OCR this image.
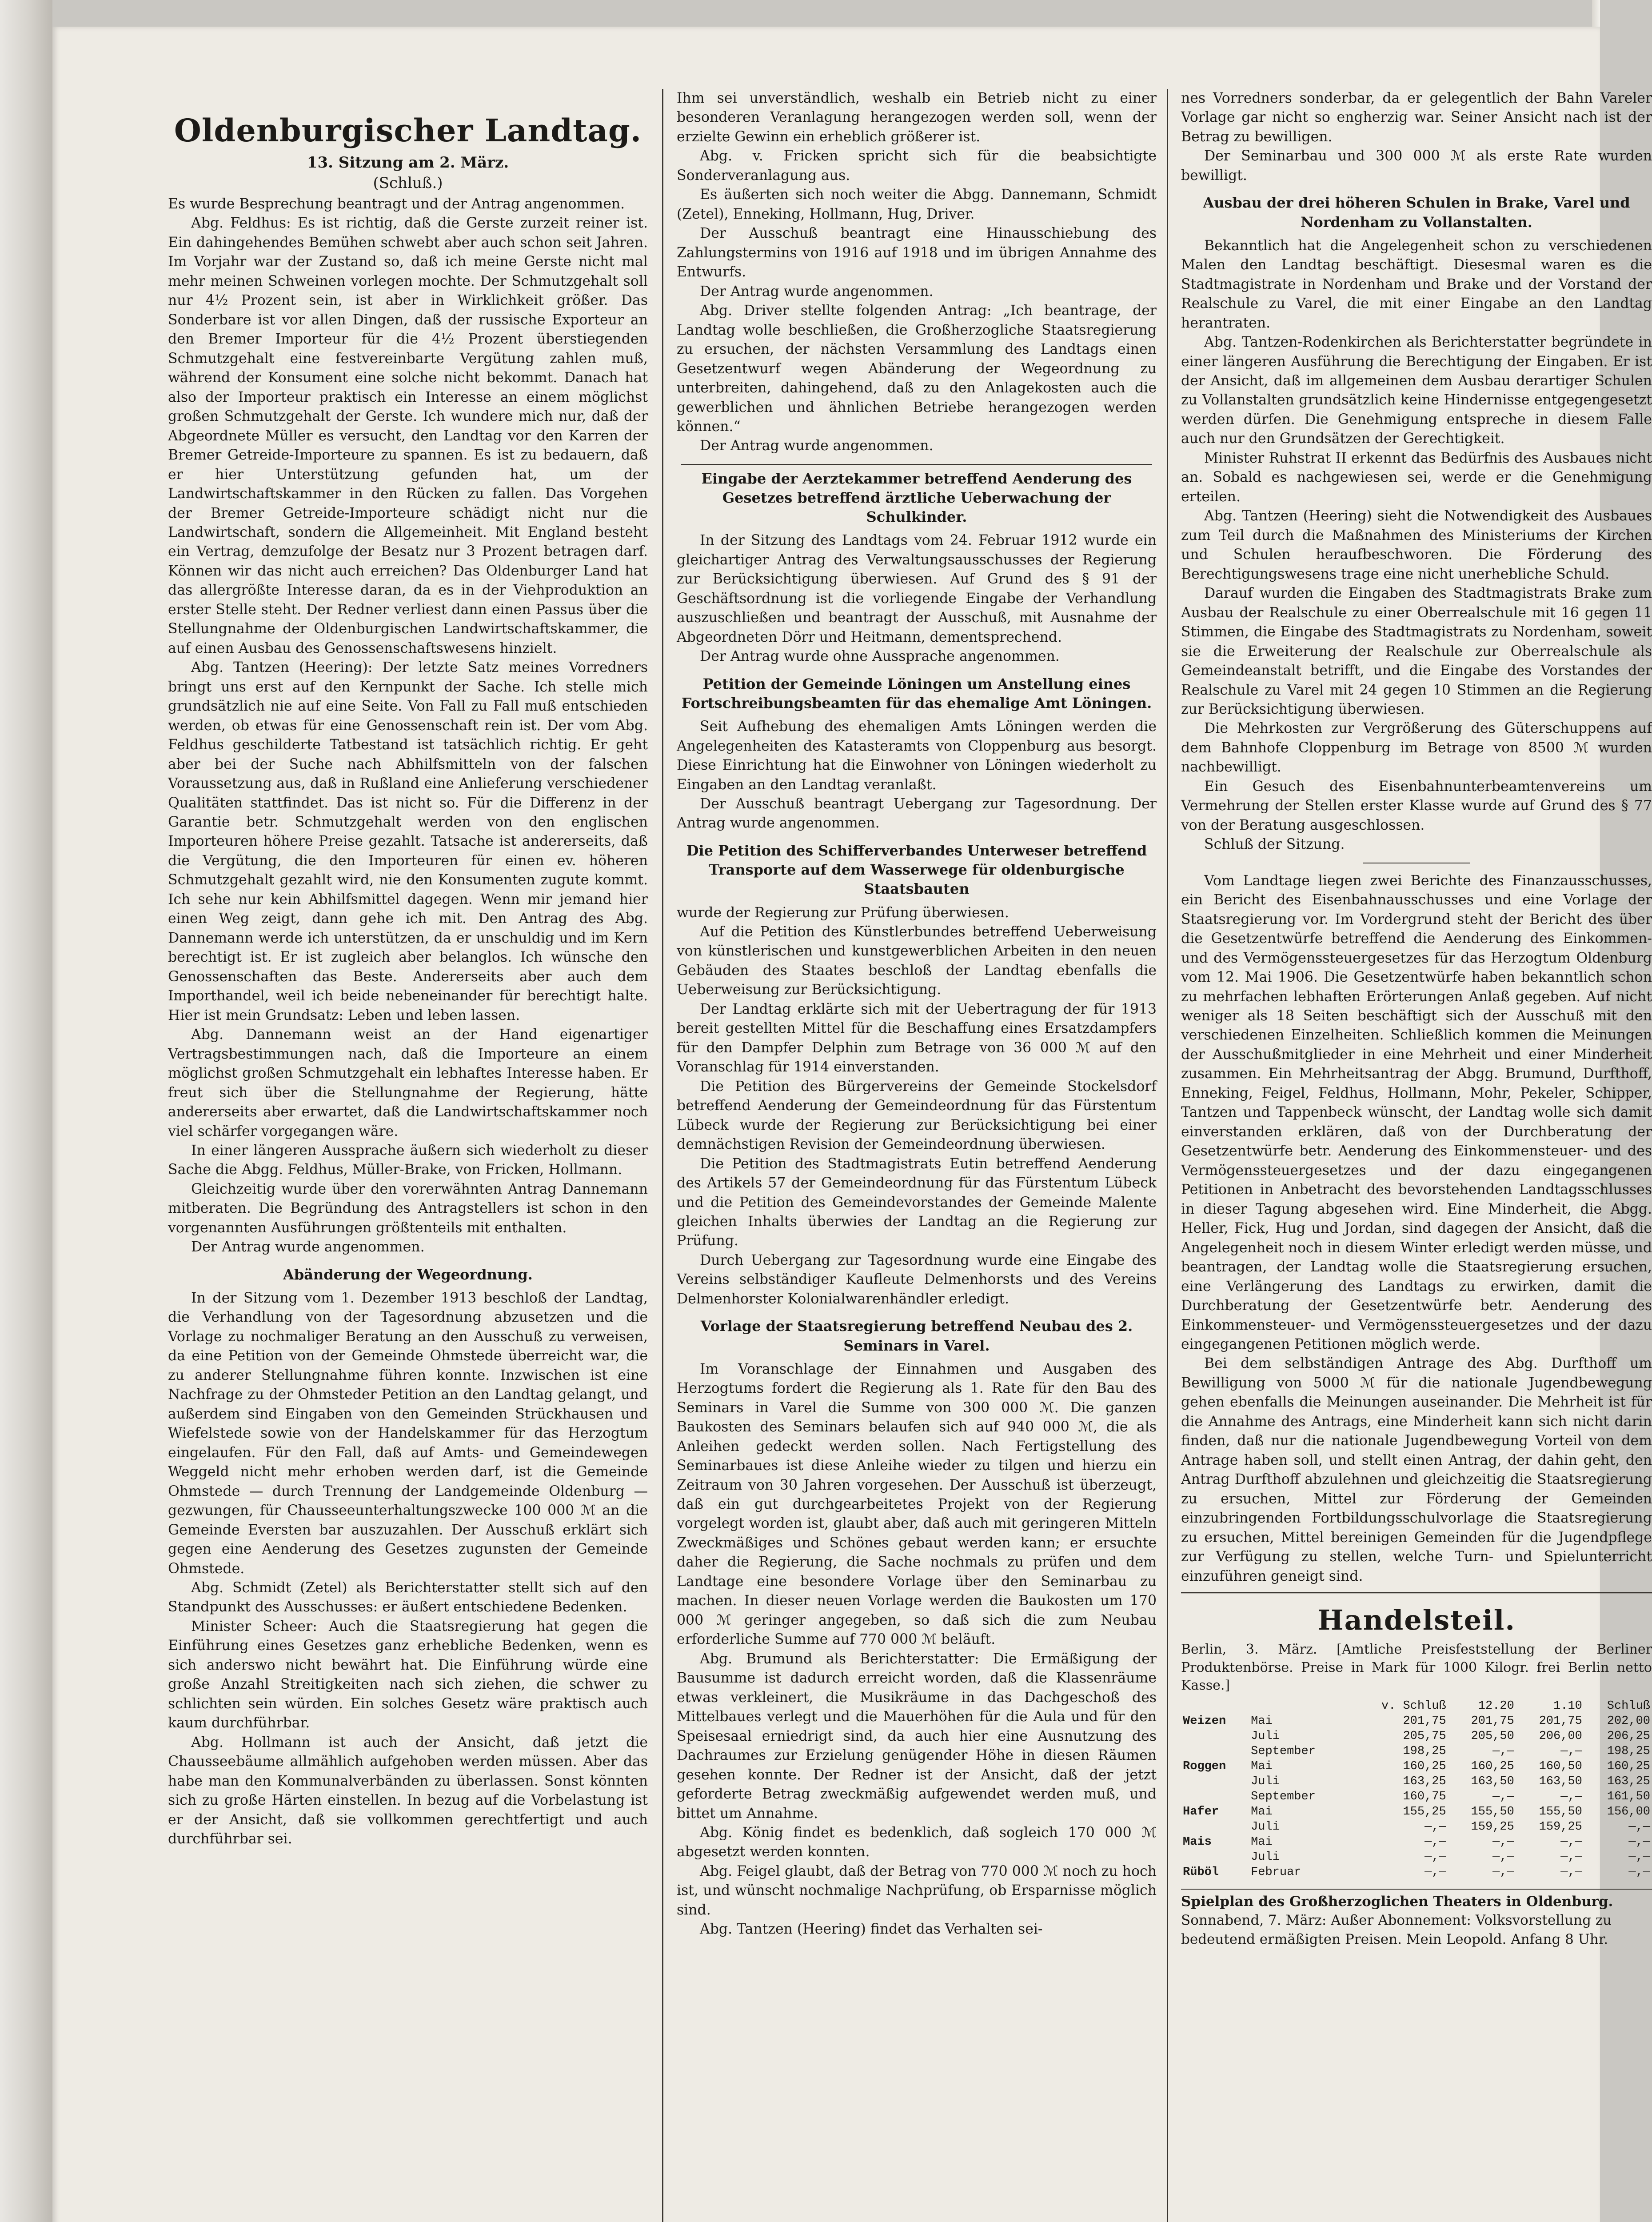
Oldenburgischer Landtag.
13. Sitzung am 2. März.
(Schluß.)

Es wurde Besprechung beantragt und der Antrag angenommen.

Abg. Feldhus: Es ist richtig, daß die Gerste zurzeit reiner ist. Ein dahingehendes Bemühen schwebt aber auch schon seit Jahren. Im Vorjahr war der Zustand so, daß ich meine Gerste nicht mal mehr meinen Schweinen vorlegen mochte. Der Schmutzgehalt soll nur 4½ Prozent sein, ist aber in Wirklichkeit größer. Das Sonderbare ist vor allen Dingen, daß der russische Exporteur an den Bremer Importeur für die 4½ Prozent überstiegenden Schmutzgehalt eine festvereinbarte Vergütung zahlen muß, während der Konsument eine solche nicht bekommt. Danach hat also der Importeur praktisch ein Interesse an einem möglichst großen Schmutzgehalt der Gerste. Ich wundere mich nur, daß der Abgeordnete Müller es versucht, den Landtag vor den Karren der Bremer Getreide-Importeure zu spannen. Es ist zu bedauern, daß er hier Unterstützung gefunden hat, um der Landwirtschaftskammer in den Rücken zu fallen. Das Vorgehen der Bremer Getreide-Importeure schädigt nicht nur die Landwirtschaft, sondern die Allgemeinheit. Mit England besteht ein Vertrag, demzufolge der Besatz nur 3 Prozent betragen darf. Können wir das nicht auch erreichen? Das Oldenburger Land hat das allergrößte Interesse daran, da es in der Viehproduktion an erster Stelle steht. Der Redner verliest dann einen Passus über die Stellungnahme der Oldenburgischen Landwirtschaftskammer, die auf einen Ausbau des Genossenschaftswesens hinzielt.

Abg. Tantzen (Heering): Der letzte Satz meines Vorredners bringt uns erst auf den Kernpunkt der Sache. Ich stelle mich grundsätzlich nie auf eine Seite. Von Fall zu Fall muß entschieden werden, ob etwas für eine Genossenschaft rein ist. Der vom Abg. Feldhus geschilderte Tatbestand ist tatsächlich richtig. Er geht aber bei der Suche nach Abhilfsmitteln von der falschen Voraussetzung aus, daß in Rußland eine Anlieferung verschiedener Qualitäten stattfindet. Das ist nicht so. Für die Differenz in der Garantie betr. Schmutzgehalt werden von den englischen Importeuren höhere Preise gezahlt. Tatsache ist andererseits, daß die Vergütung, die den Importeuren für einen ev. höheren Schmutzgehalt gezahlt wird, nie den Konsumenten zugute kommt. Ich sehe nur kein Abhilfsmittel dagegen. Wenn mir jemand hier einen Weg zeigt, dann gehe ich mit. Den Antrag des Abg. Dannemann werde ich unterstützen, da er unschuldig und im Kern berechtigt ist. Er ist zugleich aber belanglos. Ich wünsche den Genossenschaften das Beste. Andererseits aber auch dem Importhandel, weil ich beide nebeneinander für berechtigt halte. Hier ist mein Grundsatz: Leben und leben lassen.

Abg. Dannemann weist an der Hand eigenartiger Vertragsbestimmungen nach, daß die Importeure an einem möglichst großen Schmutzgehalt ein lebhaftes Interesse haben. Er freut sich über die Stellungnahme der Regierung, hätte andererseits aber erwartet, daß die Landwirtschaftskammer noch viel schärfer vorgegangen wäre.

In einer längeren Aussprache äußern sich wiederholt zu dieser Sache die Abgg. Feldhus, Müller-Brake, von Fricken, Hollmann.

Gleichzeitig wurde über den vorerwähnten Antrag Dannemann mitberaten. Die Begründung des Antragstellers ist schon in den vorgenannten Ausführungen größtenteils mit enthalten.

Der Antrag wurde angenommen.

Abänderung der Wegeordnung.

In der Sitzung vom 1. Dezember 1913 beschloß der Landtag, die Verhandlung von der Tagesordnung abzusetzen und die Vorlage zu nochmaliger Beratung an den Ausschuß zu verweisen, da eine Petition von der Gemeinde Ohmstede überreicht war, die zu anderer Stellungnahme führen konnte. Inzwischen ist eine Nachfrage zu der Ohmsteder Petition an den Landtag gelangt, und außerdem sind Eingaben von den Gemeinden Strückhausen und Wiefelstede sowie von der Handelskammer für das Herzogtum eingelaufen. Für den Fall, daß auf Amts- und Gemeindewegen Weggeld nicht mehr erhoben werden darf, ist die Gemeinde Ohmstede — durch Trennung der Landgemeinde Oldenburg — gezwungen, für Chausseeunterhaltungszwecke 100 000 ℳ an die Gemeinde Eversten bar auszuzahlen. Der Ausschuß erklärt sich gegen eine Aenderung des Gesetzes zugunsten der Gemeinde Ohmstede.

Abg. Schmidt (Zetel) als Berichterstatter stellt sich auf den Standpunkt des Ausschusses: er äußert entschiedene Bedenken.

Minister Scheer: Auch die Staatsregierung hat gegen die Einführung eines Gesetzes ganz erhebliche Bedenken, wenn es sich anderswo nicht bewährt hat. Die Einführung würde eine große Anzahl Streitigkeiten nach sich ziehen, die schwer zu schlichten sein würden. Ein solches Gesetz wäre praktisch auch kaum durchführbar.

Abg. Hollmann ist auch der Ansicht, daß jetzt die Chausseebäume allmählich aufgehoben werden müssen. Aber das habe man den Kommunalverbänden zu überlassen. Sonst könnten sich zu große Härten einstellen. In bezug auf die Vorbelastung ist er der Ansicht, daß sie vollkommen gerechtfertigt und auch durchführbar sei.

Ihm sei unverständlich, weshalb ein Betrieb nicht zu einer besonderen Veranlagung herangezogen werden soll, wenn der erzielte Gewinn ein erheblich größerer ist.

Abg. v. Fricken spricht sich für die beabsichtigte Sonderveranlagung aus.

Es äußerten sich noch weiter die Abgg. Dannemann, Schmidt (Zetel), Enneking, Hollmann, Hug, Driver.

Der Ausschuß beantragt eine Hinausschiebung des Zahlungstermins von 1916 auf 1918 und im übrigen Annahme des Entwurfs.

Der Antrag wurde angenommen.

Abg. Driver stellte folgenden Antrag: „Ich beantrage, der Landtag wolle beschließen, die Großherzogliche Staatsregierung zu ersuchen, der nächsten Versammlung des Landtags einen Gesetzentwurf wegen Abänderung der Wegeordnung zu unterbreiten, dahingehend, daß zu den Anlagekosten auch die gewerblichen und ähnlichen Betriebe herangezogen werden können.“

Der Antrag wurde angenommen.

Eingabe der Aerztekammer betreffend Aenderung des Gesetzes betreffend ärztliche Ueberwachung der Schulkinder.

In der Sitzung des Landtags vom 24. Februar 1912 wurde ein gleichartiger Antrag des Verwaltungsausschusses der Regierung zur Berücksichtigung überwiesen. Auf Grund des § 91 der Geschäftsordnung ist die vorliegende Eingabe der Verhandlung auszuschließen und beantragt der Ausschuß, mit Ausnahme der Abgeordneten Dörr und Heitmann, dementsprechend.

Der Antrag wurde ohne Aussprache angenommen.

Petition der Gemeinde Löningen um Anstellung eines Fortschreibungsbeamten für das ehemalige Amt Löningen.

Seit Aufhebung des ehemaligen Amts Löningen werden die Angelegenheiten des Katasteramts von Cloppenburg aus besorgt. Diese Einrichtung hat die Einwohner von Löningen wiederholt zu Eingaben an den Landtag veranlaßt.

Der Ausschuß beantragt Uebergang zur Tagesordnung. Der Antrag wurde angenommen.

Die Petition des Schifferverbandes Unterweser betreffend Transporte auf dem Wasserwege für oldenburgische Staatsbauten

wurde der Regierung zur Prüfung überwiesen.

Auf die Petition des Künstlerbundes betreffend Ueberweisung von künstlerischen und kunstgewerblichen Arbeiten in den neuen Gebäuden des Staates beschloß der Landtag ebenfalls die Ueberweisung zur Berücksichtigung.

Der Landtag erklärte sich mit der Uebertragung der für 1913 bereit gestellten Mittel für die Beschaffung eines Ersatzdampfers für den Dampfer Delphin zum Betrage von 36 000 ℳ auf den Voranschlag für 1914 einverstanden.

Die Petition des Bürgervereins der Gemeinde Stockelsdorf betreffend Aenderung der Gemeindeordnung für das Fürstentum Lübeck wurde der Regierung zur Berücksichtigung bei einer demnächstigen Revision der Gemeindeordnung überwiesen.

Die Petition des Stadtmagistrats Eutin betreffend Aenderung des Artikels 57 der Gemeindeordnung für das Fürstentum Lübeck und die Petition des Gemeindevorstandes der Gemeinde Malente gleichen Inhalts überwies der Landtag an die Regierung zur Prüfung.

Durch Uebergang zur Tagesordnung wurde eine Eingabe des Vereins selbständiger Kaufleute Delmenhorsts und des Vereins Delmenhorster Kolonialwarenhändler erledigt.

Vorlage der Staatsregierung betreffend Neubau des 2. Seminars in Varel.

Im Voranschlage der Einnahmen und Ausgaben des Herzogtums fordert die Regierung als 1. Rate für den Bau des Seminars in Varel die Summe von 300 000 ℳ. Die ganzen Baukosten des Seminars belaufen sich auf 940 000 ℳ, die als Anleihen gedeckt werden sollen. Nach Fertigstellung des Seminarbaues ist diese Anleihe wieder zu tilgen und hierzu ein Zeitraum von 30 Jahren vorgesehen. Der Ausschuß ist überzeugt, daß ein gut durchgearbeitetes Projekt von der Regierung vorgelegt worden ist, glaubt aber, daß auch mit geringeren Mitteln Zweckmäßiges und Schönes gebaut werden kann; er ersuchte daher die Regierung, die Sache nochmals zu prüfen und dem Landtage eine besondere Vorlage über den Seminarbau zu machen. In dieser neuen Vorlage werden die Baukosten um 170 000 ℳ geringer angegeben, so daß sich die zum Neubau erforderliche Summe auf 770 000 ℳ beläuft.

Abg. Brumund als Berichterstatter: Die Ermäßigung der Bausumme ist dadurch erreicht worden, daß die Klassenräume etwas verkleinert, die Musikräume in das Dachgeschoß des Mittelbaues verlegt und die Mauerhöhen für die Aula und für den Speisesaal erniedrigt sind, da auch hier eine Ausnutzung des Dachraumes zur Erzielung genügender Höhe in diesen Räumen gesehen konnte. Der Redner ist der Ansicht, daß der jetzt geforderte Betrag zweckmäßig aufgewendet werden muß, und bittet um Annahme.

Abg. König findet es bedenklich, daß sogleich 170 000 ℳ abgesetzt werden konnten.

Abg. Feigel glaubt, daß der Betrag von 770 000 ℳ noch zu hoch ist, und wünscht nochmalige Nachprüfung, ob Ersparnisse möglich sind.

Abg. Tantzen (Heering) findet das Verhalten sei-

nes Vorredners sonderbar, da er gelegentlich der Bahn Vareler Vorlage gar nicht so engherzig war. Seiner Ansicht nach ist der Betrag zu bewilligen.

Der Seminarbau und 300 000 ℳ als erste Rate wurden bewilligt.

Ausbau der drei höheren Schulen in Brake, Varel und Nordenham zu Vollanstalten.

Bekanntlich hat die Angelegenheit schon zu verschiedenen Malen den Landtag beschäftigt. Diesesmal waren es die Stadtmagistrate in Nordenham und Brake und der Vorstand der Realschule zu Varel, die mit einer Eingabe an den Landtag herantraten.

Abg. Tantzen-Rodenkirchen als Berichterstatter begründete in einer längeren Ausführung die Berechtigung der Eingaben. Er ist der Ansicht, daß im allgemeinen dem Ausbau derartiger Schulen zu Vollanstalten grundsätzlich keine Hindernisse entgegengesetzt werden dürfen. Die Genehmigung entspreche in diesem Falle auch nur den Grundsätzen der Gerechtigkeit.

Minister Ruhstrat II erkennt das Bedürfnis des Ausbaues nicht an. Sobald es nachgewiesen sei, werde er die Genehmigung erteilen.

Abg. Tantzen (Heering) sieht die Notwendigkeit des Ausbaues zum Teil durch die Maßnahmen des Ministeriums der Kirchen und Schulen heraufbeschworen. Die Förderung des Berechtigungswesens trage eine nicht unerhebliche Schuld.

Darauf wurden die Eingaben des Stadtmagistrats Brake zum Ausbau der Realschule zu einer Oberrealschule mit 16 gegen 11 Stimmen, die Eingabe des Stadtmagistrats zu Nordenham, soweit sie die Erweiterung der Realschule zur Oberrealschule als Gemeindeanstalt betrifft, und die Eingabe des Vorstandes der Realschule zu Varel mit 24 gegen 10 Stimmen an die Regierung zur Berücksichtigung überwiesen.

Die Mehrkosten zur Vergrößerung des Güterschuppens auf dem Bahnhofe Cloppenburg im Betrage von 8500 ℳ wurden nachbewilligt.

Ein Gesuch des Eisenbahnunterbeamtenvereins um Vermehrung der Stellen erster Klasse wurde auf Grund des § 77 von der Beratung ausgeschlossen.

Schluß der Sitzung.

Vom Landtage liegen zwei Berichte des Finanzausschusses, ein Bericht des Eisenbahnausschusses und eine Vorlage der Staatsregierung vor. Im Vordergrund steht der Bericht des über die Gesetzentwürfe betreffend die Aenderung des Einkommen- und des Vermögenssteuergesetzes für das Herzogtum Oldenburg vom 12. Mai 1906. Die Gesetzentwürfe haben bekanntlich schon zu mehrfachen lebhaften Erörterungen Anlaß gegeben. Auf nicht weniger als 18 Seiten beschäftigt sich der Ausschuß mit den verschiedenen Einzelheiten. Schließlich kommen die Meinungen der Ausschußmitglieder in eine Mehrheit und einer Minderheit zusammen. Ein Mehrheitsantrag der Abgg. Brumund, Durfthoff, Enneking, Feigel, Feldhus, Hollmann, Mohr, Pekeler, Schipper, Tantzen und Tappenbeck wünscht, der Landtag wolle sich damit einverstanden erklären, daß von der Durchberatung der Gesetzentwürfe betr. Aenderung des Einkommensteuer- und des Vermögenssteuergesetzes und der dazu eingegangenen Petitionen in Anbetracht des bevorstehenden Landtagsschlusses in dieser Tagung abgesehen wird. Eine Minderheit, die Abgg. Heller, Fick, Hug und Jordan, sind dagegen der Ansicht, daß die Angelegenheit noch in diesem Winter erledigt werden müsse, und beantragen, der Landtag wolle die Staatsregierung ersuchen, eine Verlängerung des Landtags zu erwirken, damit die Durchberatung der Gesetzentwürfe betr. Aenderung des Einkommensteuer- und Vermögenssteuergesetzes und der dazu eingegangenen Petitionen möglich werde.

Bei dem selbständigen Antrage des Abg. Durfthoff um Bewilligung von 5000 ℳ für die nationale Jugendbewegung gehen ebenfalls die Meinungen auseinander. Die Mehrheit ist für die Annahme des Antrags, eine Minderheit kann sich nicht darin finden, daß nur die nationale Jugendbewegung Vorteil von dem Antrage haben soll, und stellt einen Antrag, der dahin geht, den Antrag Durfthoff abzulehnen und gleichzeitig die Staatsregierung zu ersuchen, Mittel zur Förderung der Gemeinden einzubringenden Fortbildungsschulvorlage die Staatsregierung zu ersuchen, Mittel bereinigen Gemeinden für die Jugendpflege zur Verfügung zu stellen, welche Turn- und Spielunterricht einzuführen geneigt sind.

Handelsteil.
Berlin, 3. März. [Amtliche Preisfeststellung der Berliner Produktenbörse. Preise in Mark für 1000 Kilogr. frei Berlin netto Kasse.]
		v. Schluß	12.20	1.10	Schluß
Weizen	Mai	201,75	201,75	201,75	202,00
	Juli	205,75	205,50	206,00	206,25
	September	198,25	—,—	—,—	198,25
Roggen	Mai	160,25	160,25	160,50	160,25
	Juli	163,25	163,50	163,50	163,25
	September	160,75	—,—	—,—	161,50
Hafer	Mai	155,25	155,50	155,50	156,00
	Juli	—,—	159,25	159,25	—,—
Mais	Mai	—,—	—,—	—,—	—,—
	Juli	—,—	—,—	—,—	—,—
Rüböl	Februar	—,—	—,—	—,—	—,—
Spielplan des Großherzoglichen Theaters in Oldenburg.
Sonnabend, 7. März: Außer Abonnement: Volksvorstellung zu bedeutend ermäßigten Preisen. Mein Leopold. Anfang 8 Uhr.
